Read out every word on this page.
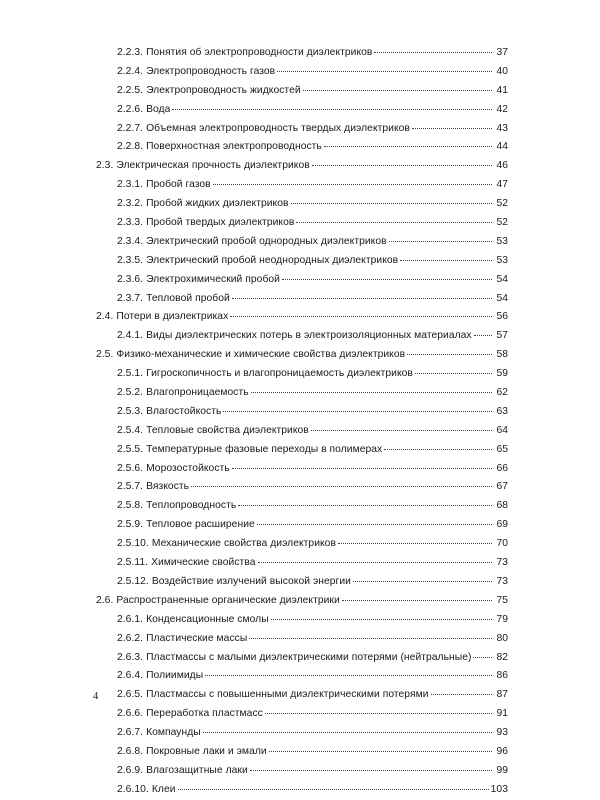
2.2.3. Понятия об электропроводности диэлектриков	37
2.2.4. Электропроводность газов	40
2.2.5. Электропроводность жидкостей	41
2.2.6. Вода	42
2.2.7. Объемная электропроводность твердых диэлектриков	43
2.2.8. Поверхностная электропроводность	44
2.3. Электрическая прочность диэлектриков	46
2.3.1. Пробой газов	47
2.3.2. Пробой жидких диэлектриков	52
2.3.3. Пробой твердых диэлектриков	52
2.3.4. Электрический пробой однородных диэлектриков	53
2.3.5. Электрический пробой неоднородных диэлектриков	53
2.3.6. Электрохимический пробой	54
2.3.7. Тепловой пробой	54
2.4. Потери в диэлектриках	56
2.4.1. Виды диэлектрических потерь в электроизоляционных материалах 57
2.5. Физико-механические и химические свойства диэлектриков	58
2.5.1. Гигроскопичность и влагопроницаемость диэлектриков	59
2.5.2. Влагопроницаемость	62
2.5.3. Влагостойкость	63
2.5.4. Тепловые свойства диэлектриков	64
2.5.5. Температурные фазовые переходы в полимерах	65
2.5.6. Морозостойкость	66
2.5.7. Вязкость	67
2.5.8. Теплопроводность	68
2.5.9. Тепловое расширение	69
2.5.10. Механические свойства диэлектриков	70
2.5.11. Химические свойства	73
2.5.12. Воздействие излучений высокой энергии	73
2.6. Распространенные органические диэлектрики	75
2.6.1. Конденсационные смолы	79
2.6.2. Пластические массы	80
2.6.3. Пластмассы с малыми диэлектрическими потерями (нейтральные) 82
2.6.4. Полиимиды	86
2.6.5. Пластмассы с повышенными диэлектрическими потерями	87
2.6.6. Переработка пластмасс	91
2.6.7. Компаунды	93
2.6.8. Покровные лаки и эмали	96
2.6.9. Влагозащитные лаки	99
2.6.10. Клеи	103
4
